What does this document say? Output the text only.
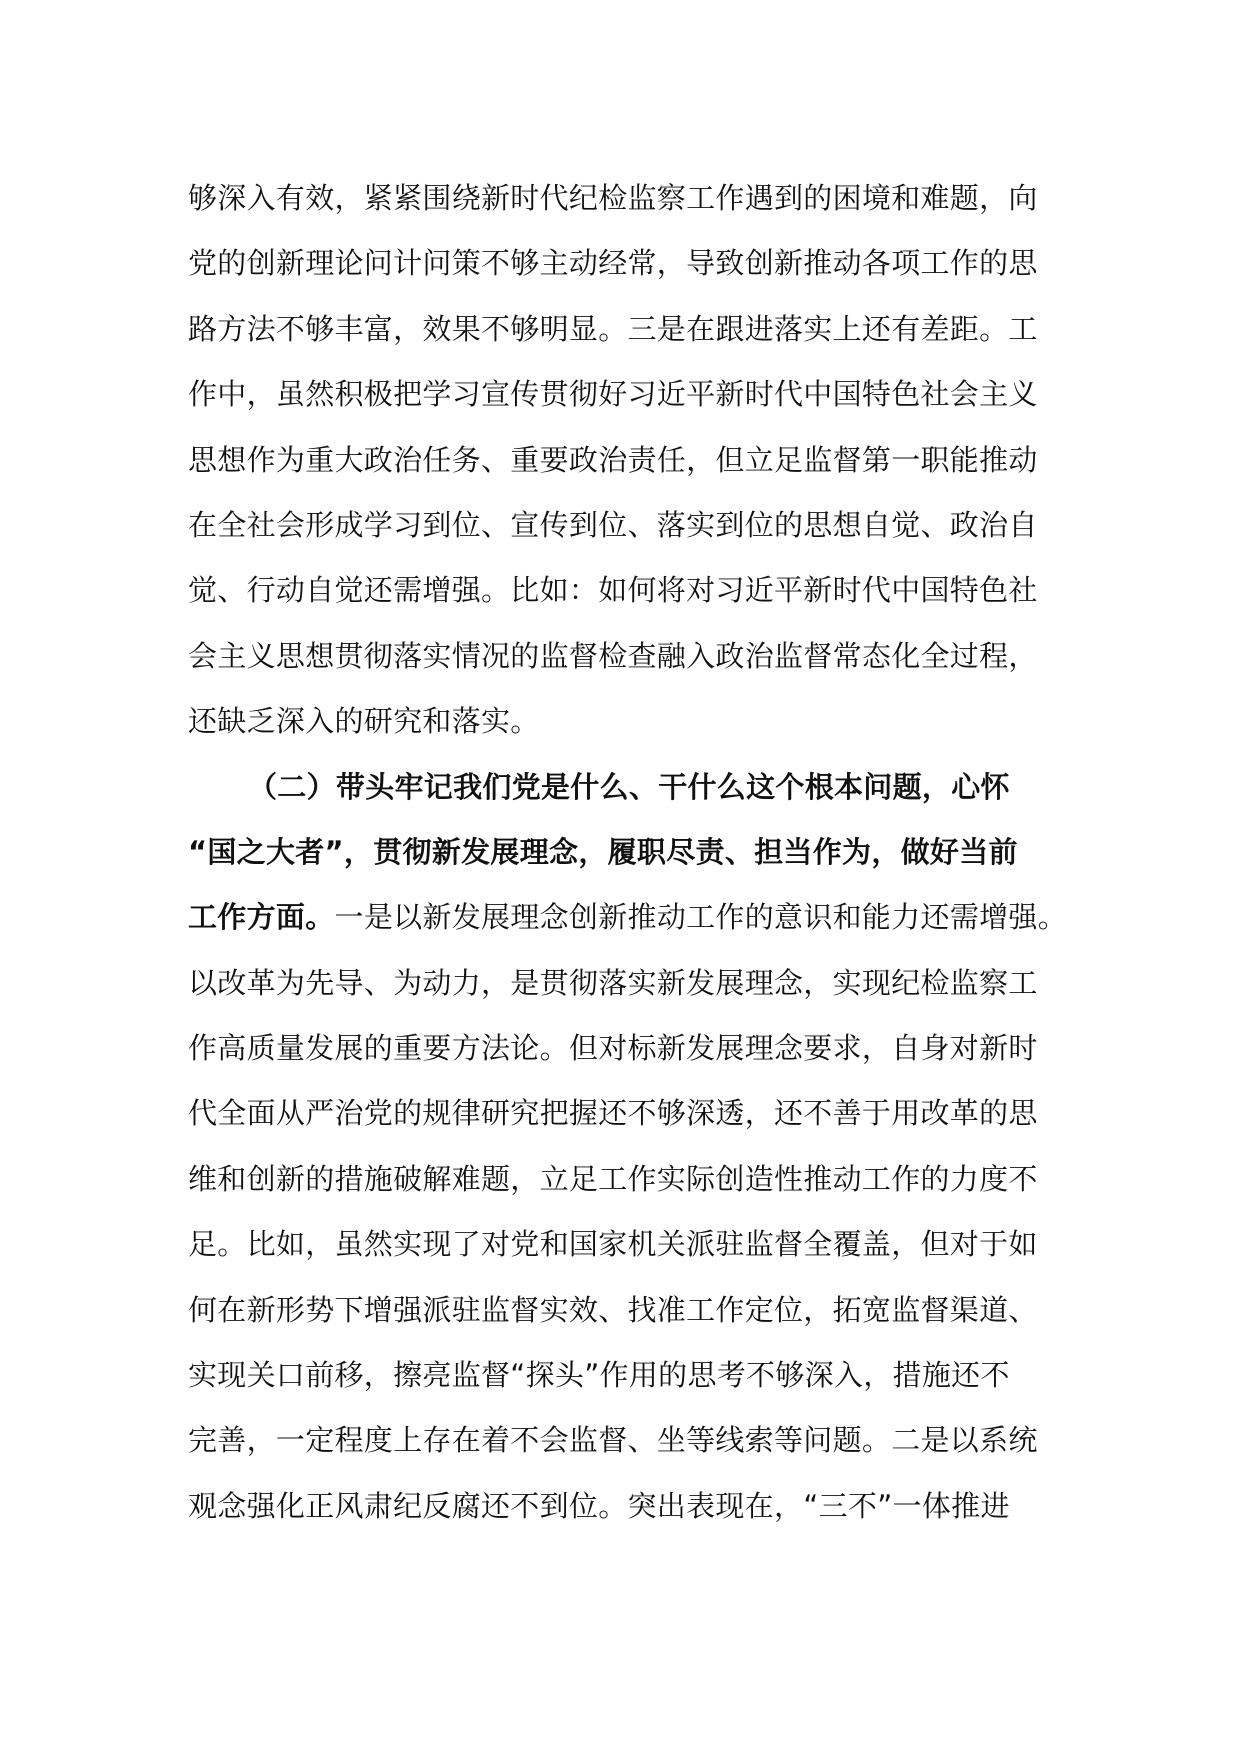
够深入有效，紧紧围绕新时代纪检监察工作遇到的困境和难题，向
党的创新理论问计问策不够主动经常，导致创新推动各项工作的思
路方法不够丰富，效果不够明显。三是在跟进落实上还有差距。工
作中，虽然积极把学习宣传贯彻好习近平新时代中国特色社会主义
思想作为重大政治任务、重要政治责任，但立足监督第一职能推动
在全社会形成学习到位、宣传到位、落实到位的思想自觉、政治自
觉、行动自觉还需增强。比如：如何将对习近平新时代中国特色社
会主义思想贯彻落实情况的监督检查融入政治监督常态化全过程，
还缺乏深入的研究和落实。
（二）带头牢记我们党是什么、干什么这个根本问题，心怀
“国之大者”，贯彻新发展理念，履职尽责、担当作为，做好当前
工作方面。一是以新发展理念创新推动工作的意识和能力还需增强。
以改革为先导、为动力，是贯彻落实新发展理念，实现纪检监察工
作高质量发展的重要方法论。但对标新发展理念要求，自身对新时
代全面从严治党的规律研究把握还不够深透，还不善于用改革的思
维和创新的措施破解难题，立足工作实际创造性推动工作的力度不
足。比如，虽然实现了对党和国家机关派驻监督全覆盖，但对于如
何在新形势下增强派驻监督实效、找准工作定位，拓宽监督渠道、
实现关口前移，擦亮监督“探头”作用的思考不够深入，措施还不
完善，一定程度上存在着不会监督、坐等线索等问题。二是以系统
观念强化正风肃纪反腐还不到位。突出表现在，“三不”一体推进
